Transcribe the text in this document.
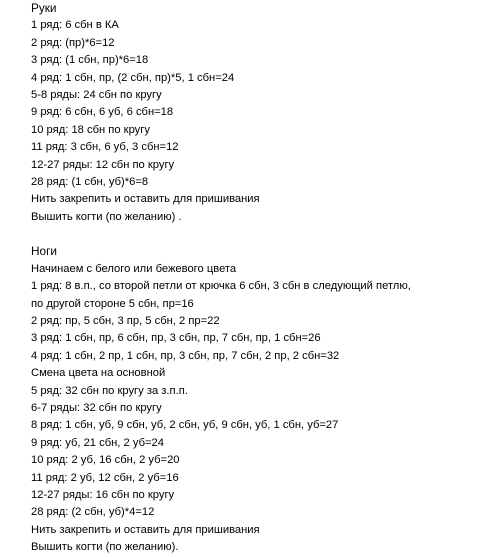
Руки
1 ряд: 6 сбн в КА
2 ряд: (пр)*6=12
3 ряд: (1 сбн, пр)*6=18
4 ряд: 1 сбн, пр, (2 сбн, пр)*5, 1 сбн=24
5-8 ряды: 24 сбн по кругу
9 ряд: 6 сбн, 6 уб, 6 сбн=18
10 ряд: 18 сбн по кругу
11 ряд: 3 сбн, 6 уб, 3 сбн=12
12-27 ряды: 12 сбн по кругу
28 ряд: (1 сбн, уб)*6=8
Нить закрепить и оставить для пришивания
Вышить когти (по желанию) .
Ноги
Начинаем с белого или бежевого цвета
1 ряд: 8 в.п., со второй петли от крючка 6 сбн, 3 сбн в следующий петлю,
по другой стороне 5 сбн, пр=16
2 ряд: пр, 5 сбн, 3 пр, 5 сбн, 2 пр=22
3 ряд: 1 сбн, пр, 6 сбн, пр, 3 сбн, пр, 7 сбн, пр, 1 сбн=26
4 ряд: 1 сбн, 2 пр, 1 сбн, пр, 3 сбн, пр, 7 сбн, 2 пр, 2 сбн=32
Смена цвета на основной
5 ряд: 32 сбн по кругу за з.п.п.
6-7 ряды: 32 сбн по кругу
8 ряд: 1 сбн, уб, 9 сбн, уб, 2 сбн, уб, 9 сбн, уб, 1 сбн, уб=27
9 ряд: уб, 21 сбн, 2 уб=24
10 ряд: 2 уб, 16 сбн, 2 уб=20
11 ряд: 2 уб, 12 сбн, 2 уб=16
12-27 ряды: 16 сбн по кругу
28 ряд: (2 сбн, уб)*4=12
Нить закрепить и оставить для пришивания
Вышить когти (по желанию).
